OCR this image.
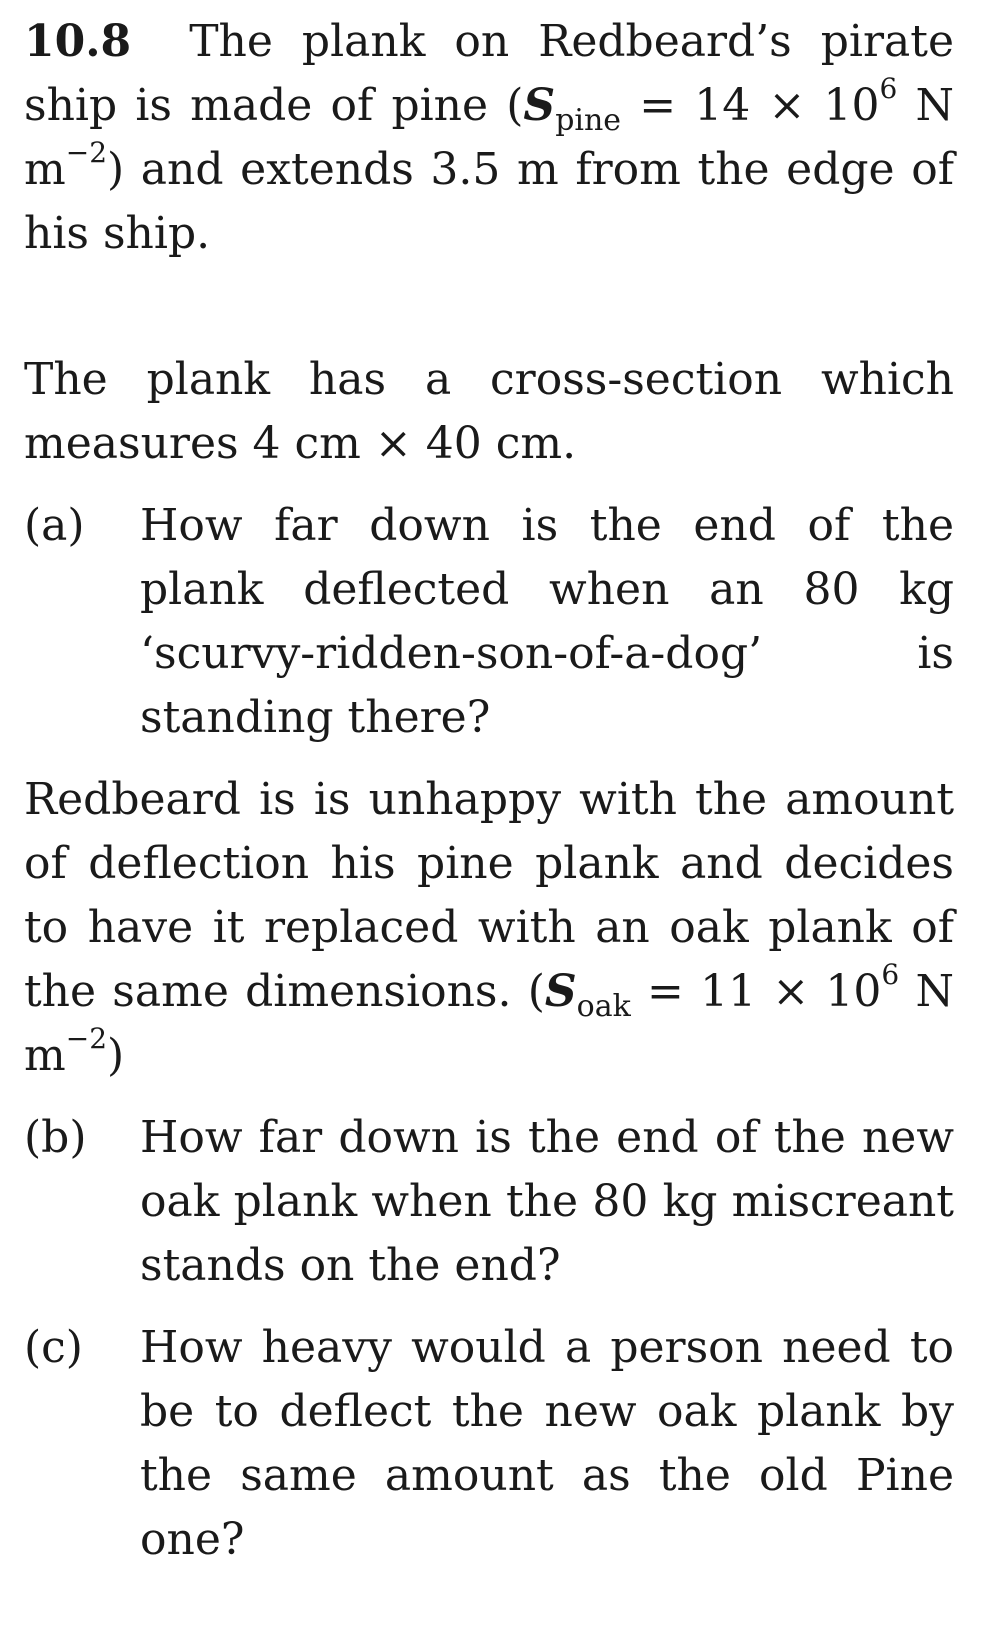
10.8 The plank on Redbeard’s pirate ship is made of pine ($S_{pine} = 14 \times 10^6$ N $m^{-2}$) and extends 3.5 m from the edge of his ship.

The plank has a cross-section which measures 4 cm × 40 cm.

(a)	How far down is the end of the plank deflected when an 80 kg ‘scurvy-ridden-son-of-a-dog’ is standing there?

Redbeard is is unhappy with the amount of deflection his pine plank and decides to have it replaced with an oak plank of the same dimensions. ($S_{oak} = 11 \times 10^6$ N $m^{-2}$)

(b)	How far down is the end of the new oak plank when the 80 kg miscreant stands on the end?
(c)	How heavy would a person need to be to deflect the new oak plank by the same amount as the old Pine one?
